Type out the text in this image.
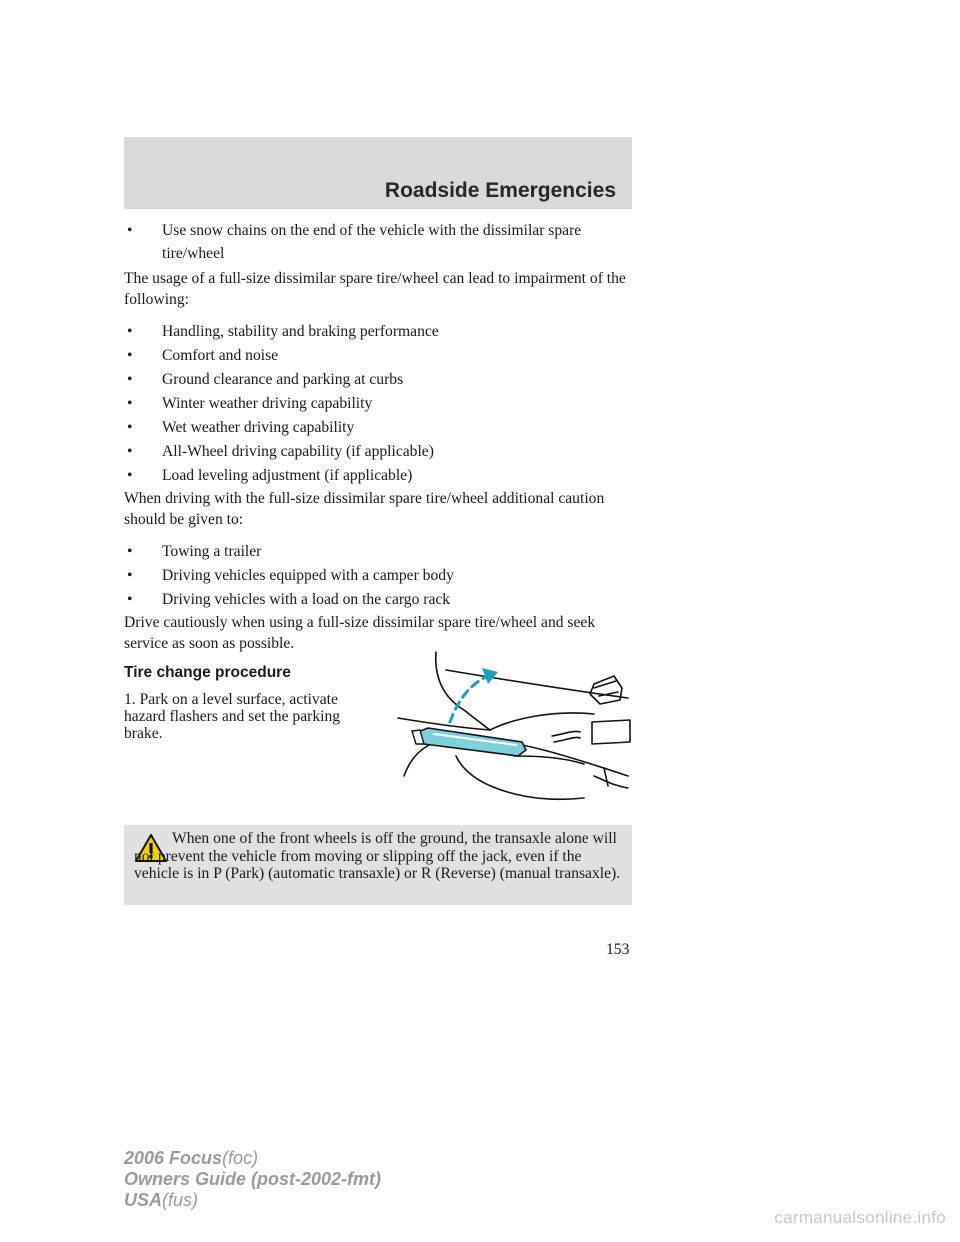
Roadside Emergencies
• Use snow chains on the end of the vehicle with the dissimilar spare tire/wheel

The usage of a full-size dissimilar spare tire/wheel can lead to impairment of the following:

• Handling, stability and braking performance
• Comfort and noise
• Ground clearance and parking at curbs
• Winter weather driving capability
• Wet weather driving capability
• All-Wheel driving capability (if applicable)
• Load leveling adjustment (if applicable)

When driving with the full-size dissimilar spare tire/wheel additional caution should be given to:

• Towing a trailer
• Driving vehicles equipped with a camper body
• Driving vehicles with a load on the cargo rack

Drive cautiously when using a full-size dissimilar spare tire/wheel and seek service as soon as possible.

Tire change procedure

1. Park on a level surface, activate hazard flashers and set the parking brake.

When one of the front wheels is off the ground, the transaxle alone will not prevent the vehicle from moving or slipping off the jack, even if the vehicle is in P (Park) (automatic transaxle) or R (Reverse) (manual transaxle).
153
2006 Focus(foc)
Owners Guide (post-2002-fmt)
USA(fus)
carmanualsonline.info
